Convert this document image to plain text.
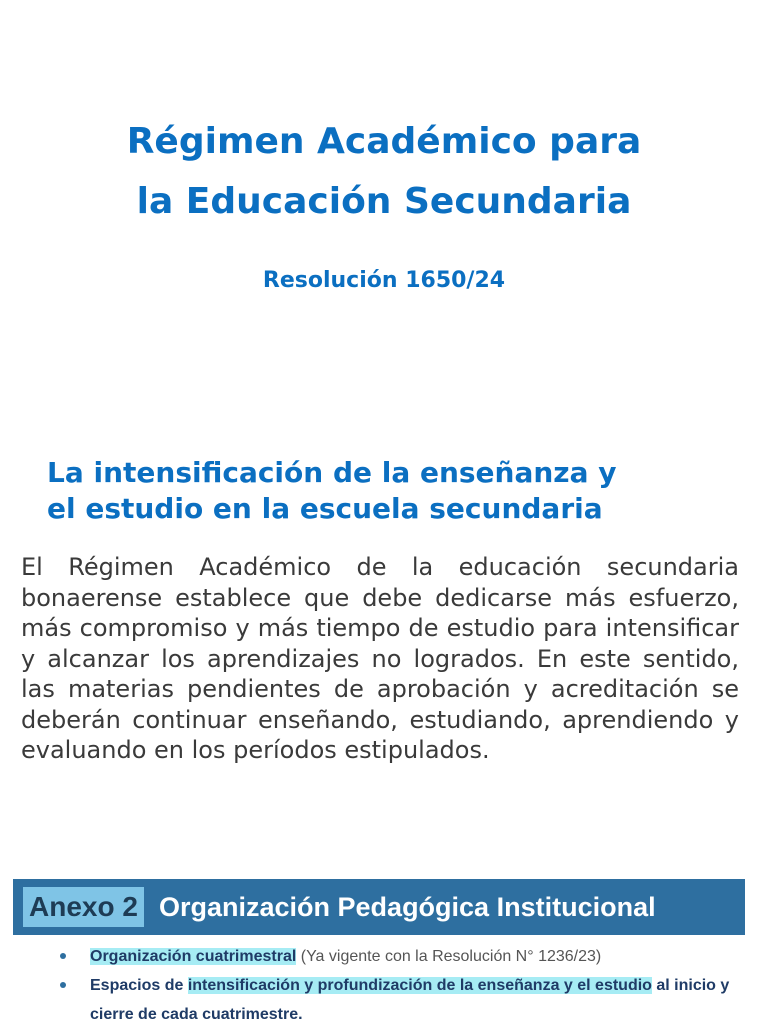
Régimen Académico para
la Educación Secundaria
Resolución 1650/24
La intensificación de la enseñanza y
el estudio en la escuela secundaria

El Régimen Académico de la educación secundaria bonaerense establece que debe dedicarse más esfuerzo, más compromiso y más tiempo de estudio para intensificar y alcanzar los aprendizajes no logrados. En este sentido, las materias pendientes de aprobación y acreditación se deberán continuar enseñando, estudiando, aprendiendo y evaluando en los períodos estipulados.

Anexo 2 Organización Pedagógica Institucional
Organización cuatrimestral (Ya vigente con la Resolución N° 1236/23)
Espacios de intensificación y profundización de la enseñanza y el estudio al inicio y cierre de cada cuatrimestre.
